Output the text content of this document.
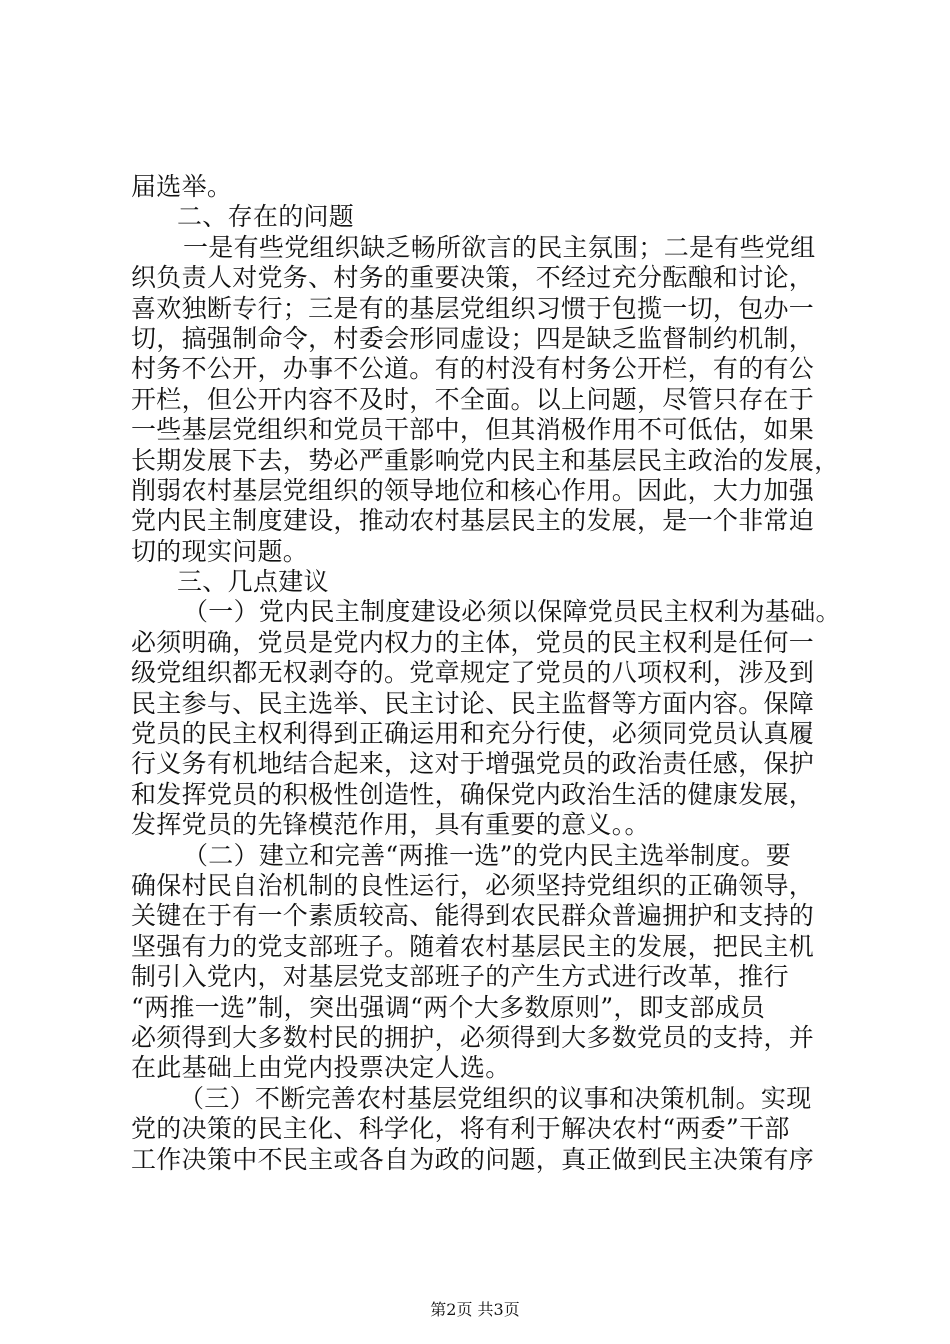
届选举。
二、存在的问题
一是有些党组织缺乏畅所欲言的民主氛围；二是有些党组
织负责人对党务、村务的重要决策，不经过充分酝酿和讨论，
喜欢独断专行；三是有的基层党组织习惯于包揽一切，包办一
切，搞强制命令，村委会形同虚设；四是缺乏监督制约机制，
村务不公开，办事不公道。有的村没有村务公开栏，有的有公
开栏，但公开内容不及时，不全面。以上问题，尽管只存在于
一些基层党组织和党员干部中，但其消极作用不可低估，如果
长期发展下去，势必严重影响党内民主和基层民主政治的发展，
削弱农村基层党组织的领导地位和核心作用。因此，大力加强
党内民主制度建设，推动农村基层民主的发展，是一个非常迫
切的现实问题。
三、几点建议
（一）党内民主制度建设必须以保障党员民主权利为基础。
必须明确，党员是党内权力的主体，党员的民主权利是任何一
级党组织都无权剥夺的。党章规定了党员的八项权利，涉及到
民主参与、民主选举、民主讨论、民主监督等方面内容。保障
党员的民主权利得到正确运用和充分行使，必须同党员认真履
行义务有机地结合起来，这对于增强党员的政治责任感，保护
和发挥党员的积极性创造性，确保党内政治生活的健康发展，
发挥党员的先锋模范作用，具有重要的意义。。
（二）建立和完善“两推一选”的党内民主选举制度。要
确保村民自治机制的良性运行，必须坚持党组织的正确领导，
关键在于有一个素质较高、能得到农民群众普遍拥护和支持的
坚强有力的党支部班子。随着农村基层民主的发展，把民主机
制引入党内，对基层党支部班子的产生方式进行改革，推行
“两推一选”制，突出强调“两个大多数原则”，即支部成员
必须得到大多数村民的拥护，必须得到大多数党员的支持，并
在此基础上由党内投票决定人选。
（三）不断完善农村基层党组织的议事和决策机制。实现
党的决策的民主化、科学化，将有利于解决农村“两委”干部
工作决策中不民主或各自为政的问题，真正做到民主决策有序
第2页 共3页
